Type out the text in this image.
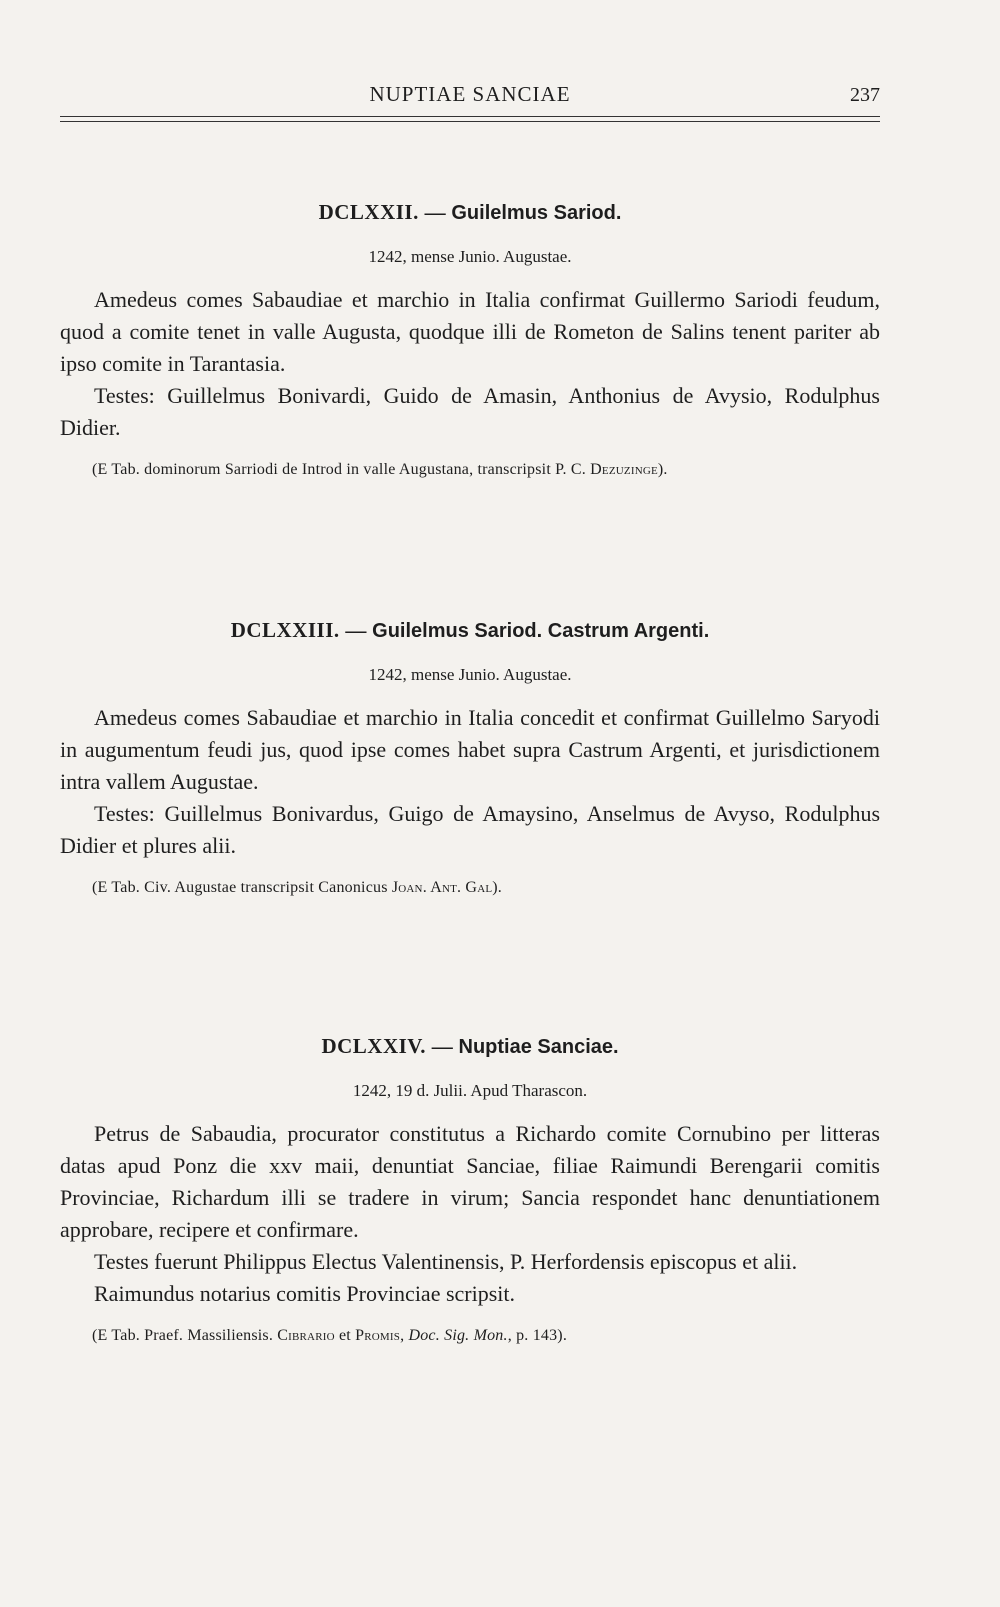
NUPTIAE SANCIAE	237
DCLXXII. — Guilelmus Sariod.
1242, mense Junio. Augustae.

Amedeus comes Sabaudiae et marchio in Italia confirmat Guillermo Sariodi feudum, quod a comite tenet in valle Augusta, quodque illi de Rometon de Salins tenent pariter ab ipso comite in Tarantasia.

Testes: Guillelmus Bonivardi, Guido de Amasin, Anthonius de Avysio, Rodulphus Didier.

(E Tab. dominorum Sarriodi de Introd in valle Augustana, transcripsit P. C. Dezuzinge).

DCLXXIII. — Guilelmus Sariod. Castrum Argenti.
1242, mense Junio. Augustae.

Amedeus comes Sabaudiae et marchio in Italia concedit et confirmat Guillelmo Saryodi in augumentum feudi jus, quod ipse comes habet supra Castrum Argenti, et jurisdictionem intra vallem Augustae.

Testes: Guillelmus Bonivardus, Guigo de Amaysino, Anselmus de Avyso, Rodulphus Didier et plures alii.

(E Tab. Civ. Augustae transcripsit Canonicus Joan. Ant. Gal).

DCLXXIV. — Nuptiae Sanciae.
1242, 19 d. Julii. Apud Tharascon.

Petrus de Sabaudia, procurator constitutus a Richardo comite Cornubino per litteras datas apud Ponz die xxv maii, denuntiat Sanciae, filiae Raimundi Berengarii comitis Provinciae, Richardum illi se tradere in virum; Sancia respondet hanc denuntiationem approbare, recipere et confirmare.

Testes fuerunt Philippus Electus Valentinensis, P. Herfordensis episcopus et alii.

Raimundus notarius comitis Provinciae scripsit.

(E Tab. Praef. Massiliensis. Cibrario et Promis, Doc. Sig. Mon., p. 143).
